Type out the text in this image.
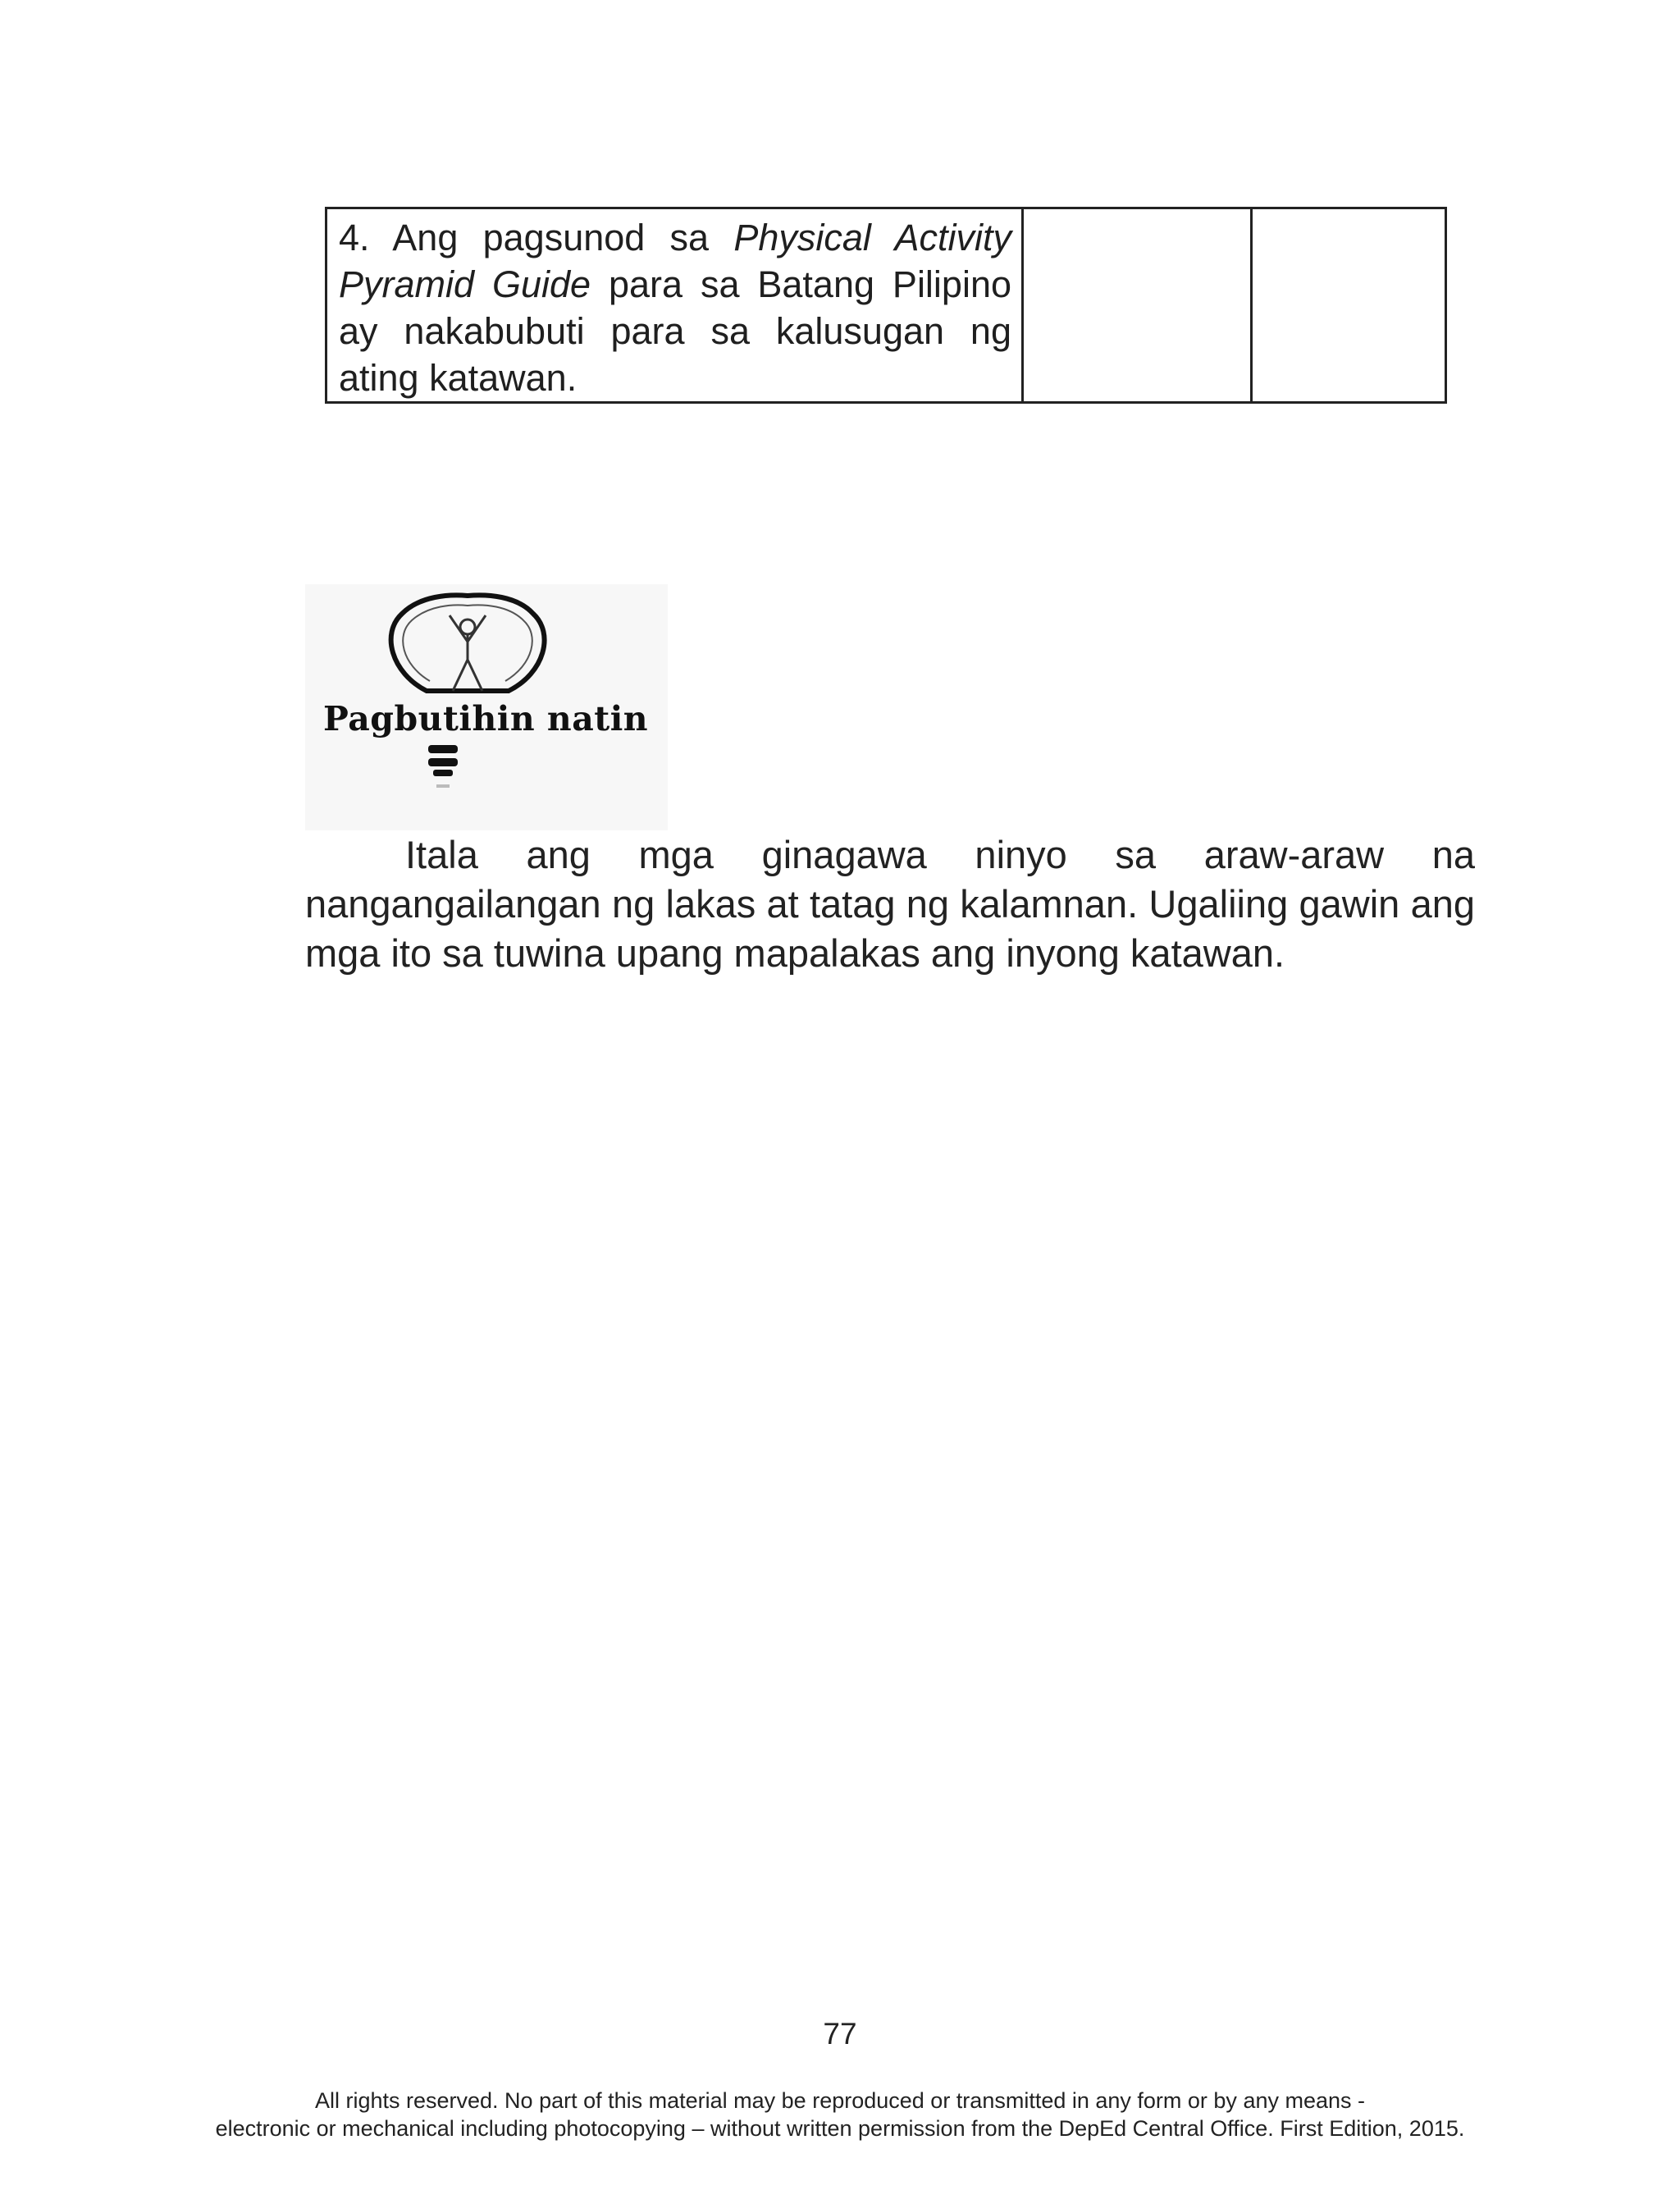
4. Ang pagsunod sa Physical Activity Pyramid Guide para sa Batang Pilipino ay nakabubuti para sa kalusugan ng ating katawan.

Pagbutihin natin
Itala ang mga ginagawa ninyo sa araw-araw na nangangailangan ng lakas at tatag ng kalamnan. Ugaliing gawin ang mga ito sa tuwina upang mapalakas ang inyong katawan.
77
All rights reserved. No part of this material may be reproduced or transmitted in any form or by any means -
electronic or mechanical including photocopying – without written permission from the DepEd Central Office. First Edition, 2015.
